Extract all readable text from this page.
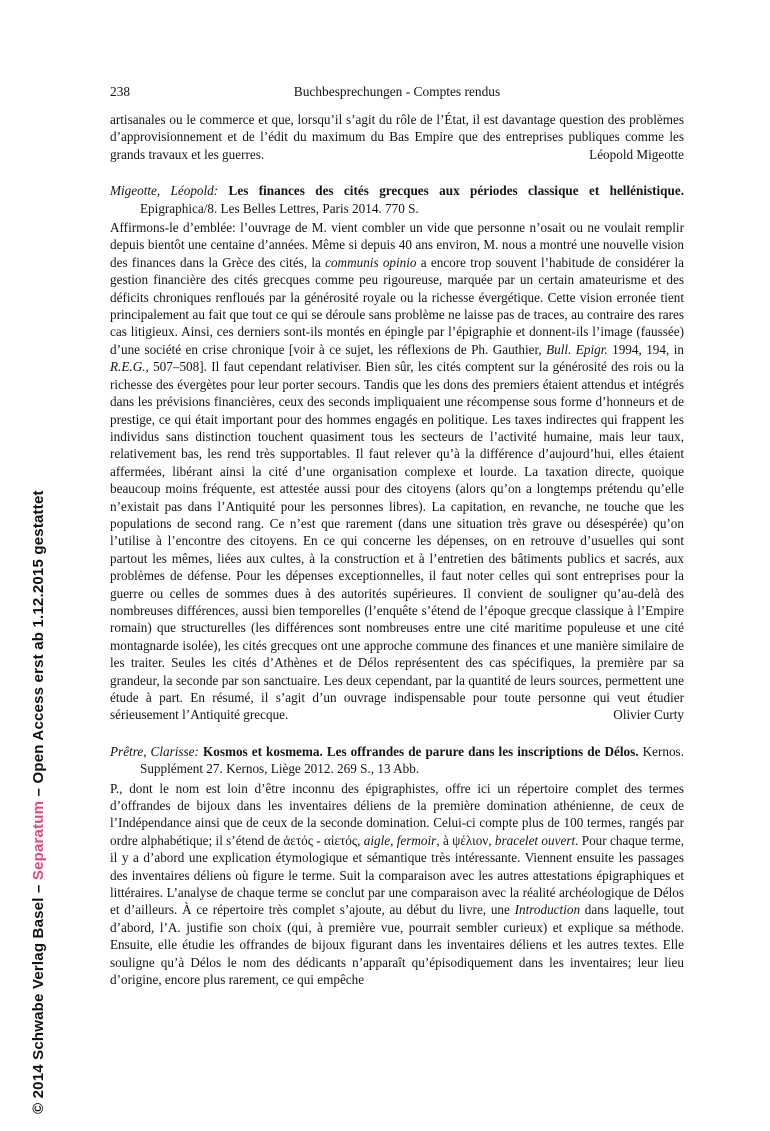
© 2014 Schwabe Verlag Basel – Separatum – Open Access erst ab 1.12.2015 gestattet
238	Buchbesprechungen - Comptes rendus

artisanales ou le commerce et que, lorsqu’il s’agit du rôle de l’État, il est davantage question des problèmes d’approvisionnement et de l’édit du maximum du Bas Empire que des entreprises publiques comme les grands travaux et les guerres.	Léopold Migeotte

Migeotte, Léopold: Les finances des cités grecques aux périodes classique et hellénistique. Epigraphica/8. Les Belles Lettres, Paris 2014. 770 S.

Affirmons-le d’emblée: l’ouvrage de M. vient combler un vide que personne n’osait ou ne voulait remplir depuis bientôt une centaine d’années. Même si depuis 40 ans environ, M. nous a montré une nouvelle vision des finances dans la Grèce des cités, la communis opinio a encore trop souvent l’habitude de considérer la gestion financière des cités grecques comme peu rigoureuse, marquée par un certain amateurisme et des déficits chroniques renfloués par la générosité royale ou la richesse évergétique. Cette vision erronée tient principalement au fait que tout ce qui se déroule sans problème ne laisse pas de traces, au contraire des rares cas litigieux. Ainsi, ces derniers sont-ils montés en épingle par l’épigraphie et donnent-ils l’image (faussée) d’une société en crise chronique [voir à ce sujet, les réflexions de Ph. Gauthier, Bull. Epigr. 1994, 194, in R.E.G., 507–508]. Il faut cependant relativiser. Bien sûr, les cités comptent sur la générosité des rois ou la richesse des évergètes pour leur porter secours. Tandis que les dons des premiers étaient attendus et intégrés dans les prévisions financières, ceux des seconds impliquaient une récompense sous forme d’honneurs et de prestige, ce qui était important pour des hommes engagés en politique. Les taxes indirectes qui frappent les individus sans distinction touchent quasiment tous les secteurs de l’activité humaine, mais leur taux, relativement bas, les rend très supportables. Il faut relever qu’à la différence d’aujourd’hui, elles étaient affermées, libérant ainsi la cité d’une organisation complexe et lourde. La taxation directe, quoique beaucoup moins fréquente, est attestée aussi pour des citoyens (alors qu’on a longtemps prétendu qu’elle n’existait pas dans l’Antiquité pour les personnes libres). La capitation, en revanche, ne touche que les populations de second rang. Ce n’est que rarement (dans une situation très grave ou désespérée) qu’on l’utilise à l’encontre des citoyens. En ce qui concerne les dépenses, on en retrouve d’usuelles qui sont partout les mêmes, liées aux cultes, à la construction et à l’entretien des bâtiments publics et sacrés, aux problèmes de défense. Pour les dépenses exceptionnelles, il faut noter celles qui sont entreprises pour la guerre ou celles de sommes dues à des autorités supérieures. Il convient de souligner qu’au-delà des nombreuses différences, aussi bien temporelles (l’enquête s’étend de l’époque grecque classique à l’Empire romain) que structurelles (les différences sont nombreuses entre une cité maritime populeuse et une cité montagnarde isolée), les cités grecques ont une approche commune des finances et une manière similaire de les traiter. Seules les cités d’Athènes et de Délos représentent des cas spécifiques, la première par sa grandeur, la seconde par son sanctuaire. Les deux cependant, par la quantité de leurs sources, permettent une étude à part. En résumé, il s’agit d’un ouvrage indispensable pour toute personne qui veut étudier sérieusement l’Antiquité grecque.	Olivier Curty

Prêtre, Clarisse: Kosmos et kosmema. Les offrandes de parure dans les inscriptions de Délos. Kernos. Supplément 27. Kernos, Liège 2012. 269 S., 13 Abb.

P., dont le nom est loin d’être inconnu des épigraphistes, offre ici un répertoire complet des termes d’offrandes de bijoux dans les inventaires déliens de la première domination athénienne, de ceux de l’Indépendance ainsi que de ceux de la seconde domination. Celui-ci compte plus de 100 termes, rangés par ordre alphabétique; il s’étend de ἀετός - αἰετός, aigle, fermoir, à ψέλιον, bracelet ouvert. Pour chaque terme, il y a d’abord une explication étymologique et sémantique très intéressante. Viennent ensuite les passages des inventaires déliens où figure le terme. Suit la comparaison avec les autres attestations épigraphiques et littéraires. L’analyse de chaque terme se conclut par une comparaison avec la réalité archéologique de Délos et d’ailleurs. À ce répertoire très complet s’ajoute, au début du livre, une Introduction dans laquelle, tout d’abord, l’A. justifie son choix (qui, à première vue, pourrait sembler curieux) et explique sa méthode. Ensuite, elle étudie les offrandes de bijoux figurant dans les inventaires déliens et les autres textes. Elle souligne qu’à Délos le nom des dédicants n’apparaît qu’épisodiquement dans les inventaires; leur lieu d’origine, encore plus rarement, ce qui empêche
